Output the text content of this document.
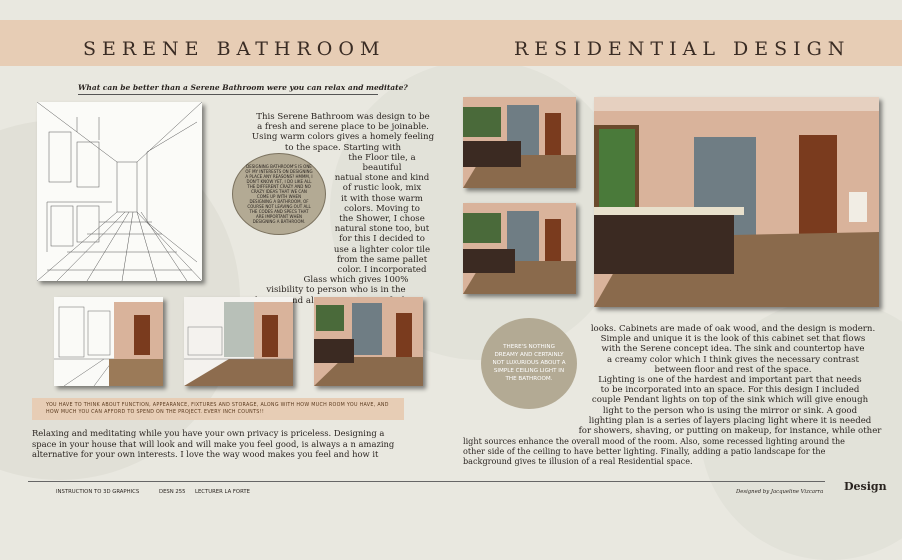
SERENE BATHROOM	RESIDENTIAL DESIGN
What can be better than a Serene Bathroom were you can relax and meditate?
This Serene Bathroom was design to be
a fresh and serene place to be joinable.
Using warm colors gives a homely feeling
to the space. Starting with
the Floor tile, a beautiful
natual stone and kind
of rustic look, mix
it with those warm
colors. Moving to
the Shower, I chose
natural stone too, but
for this I decided to
use a lighter color tile
from the same pallet
color. I incorporated
Glass which gives 100%
visibility to person who is in the
and
DESIGNING BATHROOM'S IS ONE OF MY INTERESTS ON DESIGNING A PLACE ANY REASONS? HMMM, I DON'T KNOW YET, I DO LIKE ALL THE DIFFERENT CRAZY AND NO CRAZY IDEAS THAT WE CAN COME UP WITH WHEN DESIGNING A BATHROOM, OF COURSE NOT LEAVING OUT ALL THE CODES AND SPECS THAT ARE IMPORTANT WHEN DESIGNING A BATHROOM.
YOU HAVE TO THINK ABOUT FUNCTION, APPEARANCE, FIXTURES AND STORAGE, ALONG WITH HOW MUCH ROOM YOU HAVE, AND HOW MUCH YOU CAN AFFORD TO SPEND ON THE PROJECT. EVERY INCH COUNTS!!
Relaxing and meditating while you have your own privacy is priceless. Designing a
space in your house that will look and will make you feel good, is always a n amazing
alternative for your own interests. I love the way wood makes you feel and how it
THERE'S NOTHING DREAMY AND CERTAINLY NOT LUXURIOUS ABOUT A SIMPLE CEILING LIGHT IN THE BATHROOM.
looks. Cabinets are made of oak wood, and the design is modern.
Simple and unique it is the look of this cabinet set that flows
with the Serene concept idea. The sink and countertop have
a creamy color which I think gives the necessary contrast
between floor and rest of the space.
Lighting is one of the hardest and important part that needs
to be incorporated into an space. For this design I included
couple Pendant lights on top of the sink which will give enough
light to the person who is using the mirror or sink. A good
lighting plan is a series of layers placing light where it is needed
for showers, shaving, or putting on makeup, for instance, while other
light sources enhance the overall mood of the room. Also, some recessed lighting around the
other side of the ceiling to have better lighting. Finally, adding a patio landscape for the
background gives te illusion of a real Residential space.
INSTRUCTION TO 3D GRAPHICS	DESN 255 LECTURER LA FORTE	Designed by Jacqueline Vizcarra Design
